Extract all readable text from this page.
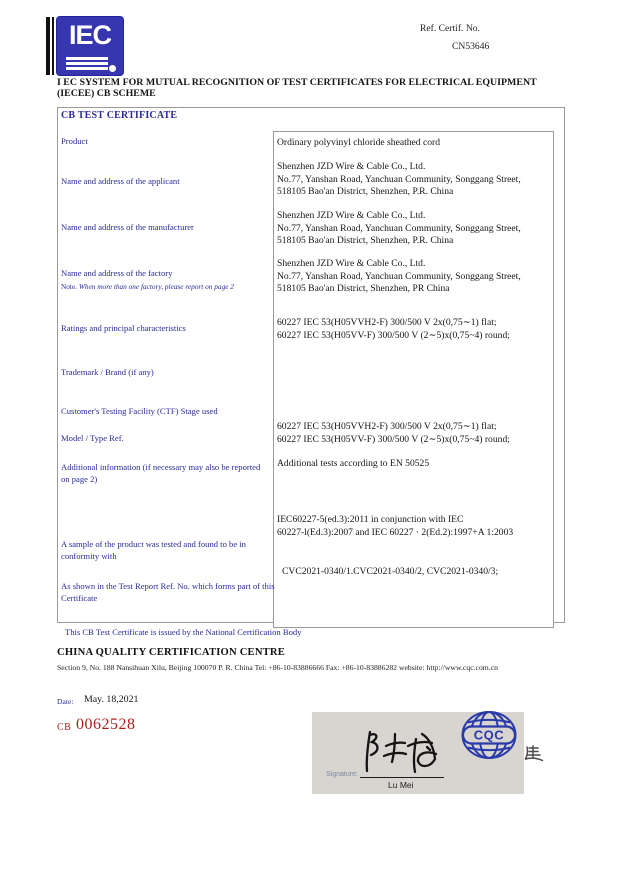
IEC	Ref. Certif. No.
CN53646
I EC SYSTEM FOR MUTUAL RECOGNITION OF TEST CERTIFICATES FOR ELECTRICAL EQUIPMENT
(IECEE) CB SCHEME
CB TEST CERTIFICATE
Product
Name and address of the applicant
Name and address of the manufacturer
Name and address of the factory
Note. When more than one factory, please report on page 2
Ratings and principal characteristics
Trademark / Brand (if any)
Customer's Testing Facility (CTF) Stage used
Model / Type Ref.
Additional information (if necessary may also be reported on page 2)
A sample of the product was tested and found to be in conformity with
As shown in the Test Report Ref. No. which forms part of this Certificate
Ordinary polyvinyl chloride sheathed cord
Shenzhen JZD Wire & Cable Co., Ltd.
No.77, Yanshan Road, Yanchuan Community, Songgang Street,
518105 Bao'an District, Shenzhen, P.R. China
Shenzhen JZD Wire & Cable Co., Ltd.
No.77, Yanshan Road, Yanchuan Community, Songgang Street,
518105 Bao'an District, Shenzhen, P.R. China
Shenzhen JZD Wire & Cable Co., Ltd.
No.77, Yanshan Road, Yanchuan Community, Songgang Street,
518105 Bao'an District, Shenzhen, PR China
60227 IEC 53(H05VVH2-F) 300/500 V 2x(0,75∼1) flat;
60227 IEC 53(H05VV-F) 300/500 V (2∼5)x(0,75~4) round;
60227 IEC 53(H05VVH2-F) 300/500 V 2x(0,75∼1) flat;
60227 IEC 53(H05VV-F) 300/500 V (2∼5)x(0,75~4) round;
Additional tests according to EN 50525
IEC60227-5(ed.3):2011 in conjunction with IEC
60227-l(Ed.3):2007 and IEC 60227 · 2(Ed.2):1997+A 1:2003
CVC2021-0340/1.CVC2021-0340/2, CVC2021-0340/3;
This CB Test Certificate is issued by the National Certification Body
CHINA QUALITY CERTIFICATION CENTRE
Section 9, No. 188 Nansihuan Xilu, Beijing 100070 P. R. China Tel: +86-10-83886666 Fax: +86-10-83886282 website: http://www.cqc.com.cn
Date: May. 18,2021
CB 0062528
CQC
Signature:
Lu Mei
